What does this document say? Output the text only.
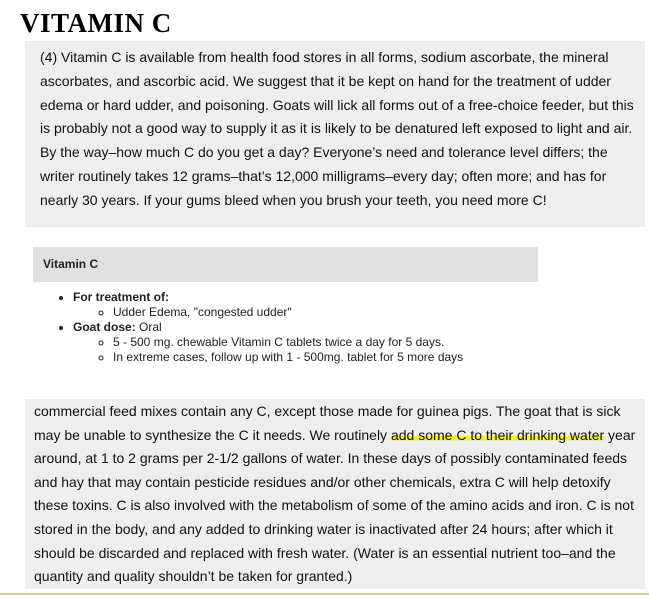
VITAMIN C
(4) Vitamin C is available from health food stores in all forms, sodium ascorbate, the mineral ascorbates, and ascorbic acid. We suggest that it be kept on hand for the treatment of udder edema or hard udder, and poisoning. Goats will lick all forms out of a free-choice feeder, but this is probably not a good way to supply it as it is likely to be denatured left exposed to light and air. By the way–how much C do you get a day? Everyone’s need and tolerance level differs; the writer routinely takes 12 grams–that’s 12,000 milligrams–every day; often more; and has for nearly 30 years. If your gums bleed when you brush your teeth, you need more C!
Vitamin C
• For treatment of:
◦ Udder Edema, "congested udder"
• Goat dose: Oral
◦ 5 - 500 mg. chewable Vitamin C tablets twice a day for 5 days.
◦ In extreme cases, follow up with 1 - 500mg. tablet for 5 more days
commercial feed mixes contain any C, except those made for guinea pigs. The goat that is sick may be unable to synthesize the C it needs. We routinely add some C to their drinking water year around, at 1 to 2 grams per 2-1/2 gallons of water. In these days of possibly contaminated feeds and hay that may contain pesticide residues and/or other chemicals, extra C will help detoxify these toxins. C is also involved with the metabolism of some of the amino acids and iron. C is not stored in the body, and any added to drinking water is inactivated after 24 hours; after which it should be discarded and replaced with fresh water. (Water is an essential nutrient too–and the quantity and quality shouldn’t be taken for granted.)
